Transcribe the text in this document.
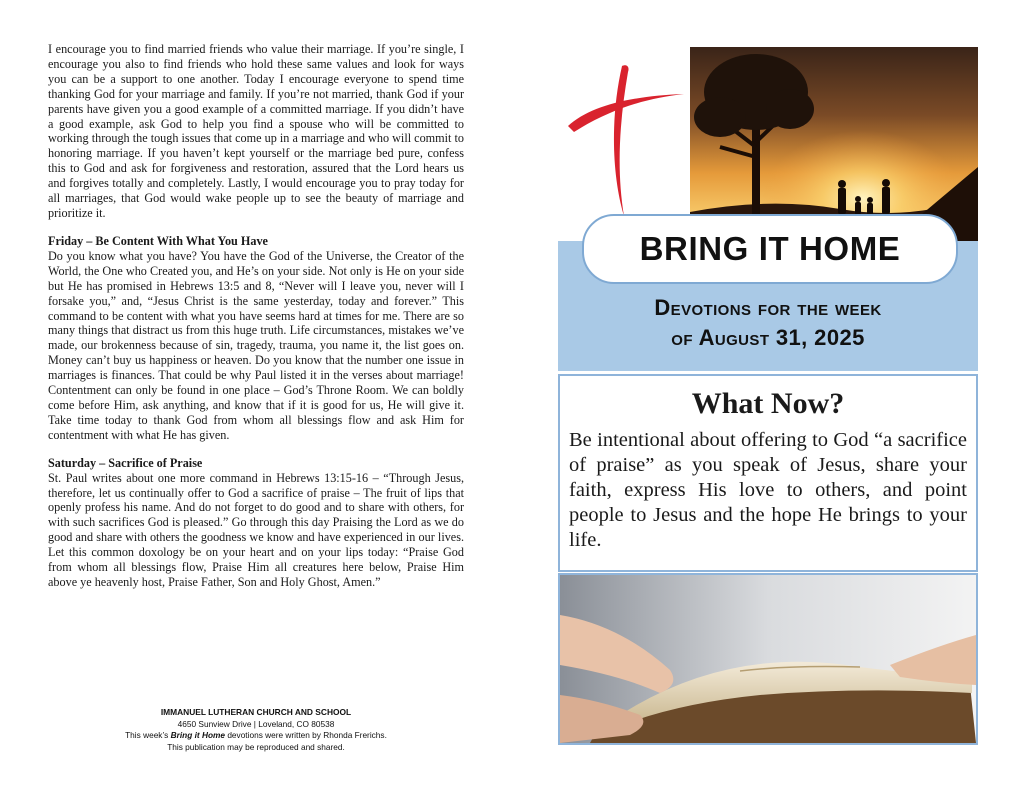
I encourage you to find married friends who value their marriage. If you’re single, I encourage you also to find friends who hold these same values and look for ways you can be a support to one another. Today I encourage everyone to spend time thanking God for your marriage and family. If you’re not married, thank God if your parents have given you a good example of a committed marriage. If you didn’t have a good example, ask God to help you find a spouse who will be committed to working through the tough issues that come up in a marriage and who will commit to honoring marriage. If you haven’t kept yourself or the marriage bed pure, confess this to God and ask for forgiveness and restoration, assured that the Lord hears us and forgives totally and completely. Lastly, I would encourage you to pray today for all marriages, that God would wake people up to see the beauty of marriage and prioritize it.

Friday – Be Content With What You Have

Do you know what you have? You have the God of the Universe, the Creator of the World, the One who Created you, and He’s on your side. Not only is He on your side but He has promised in Hebrews 13:5 and 8, “Never will I leave you, never will I forsake you,” and, “Jesus Christ is the same yesterday, today and forever.” This command to be content with what you have seems hard at times for me. There are so many things that distract us from this huge truth. Life circumstances, mistakes we’ve made, our brokenness because of sin, tragedy, trauma, you name it, the list goes on. Money can’t buy us happiness or heaven. Do you know that the number one issue in marriages is finances. That could be why Paul listed it in the verses about marriage! Contentment can only be found in one place – God’s Throne Room. We can boldly come before Him, ask anything, and know that if it is good for us, He will give it. Take time today to thank God from whom all blessings flow and ask Him for contentment with what He has given.

Saturday – Sacrifice of Praise

St. Paul writes about one more command in Hebrews 13:15-16 – “Through Jesus, therefore, let us continually offer to God a sacrifice of praise – The fruit of lips that openly profess his name. And do not forget to do good and to share with others, for with such sacrifices God is pleased.” Go through this day Praising the Lord as we do good and share with others the goodness we know and have experienced in our lives. Let this common doxology be on your heart and on your lips today: “Praise God from whom all blessings flow, Praise Him all creatures here below, Praise Him above ye heavenly host, Praise Father, Son and Holy Ghost, Amen.”

IMMANUEL LUTHERAN CHURCH AND SCHOOL
4650 Sunview Drive | Loveland, CO 80538
This week’s Bring it Home devotions were written by Rhonda Frerichs.
This publication may be reproduced and shared.
BRING IT HOME
Devotions for the week
of August 31, 2025
What Now?

Be intentional about offering to God “a sacrifice of praise” as you speak of Jesus, share your faith, express His love to others, and point people to Jesus and the hope He brings to your life.
